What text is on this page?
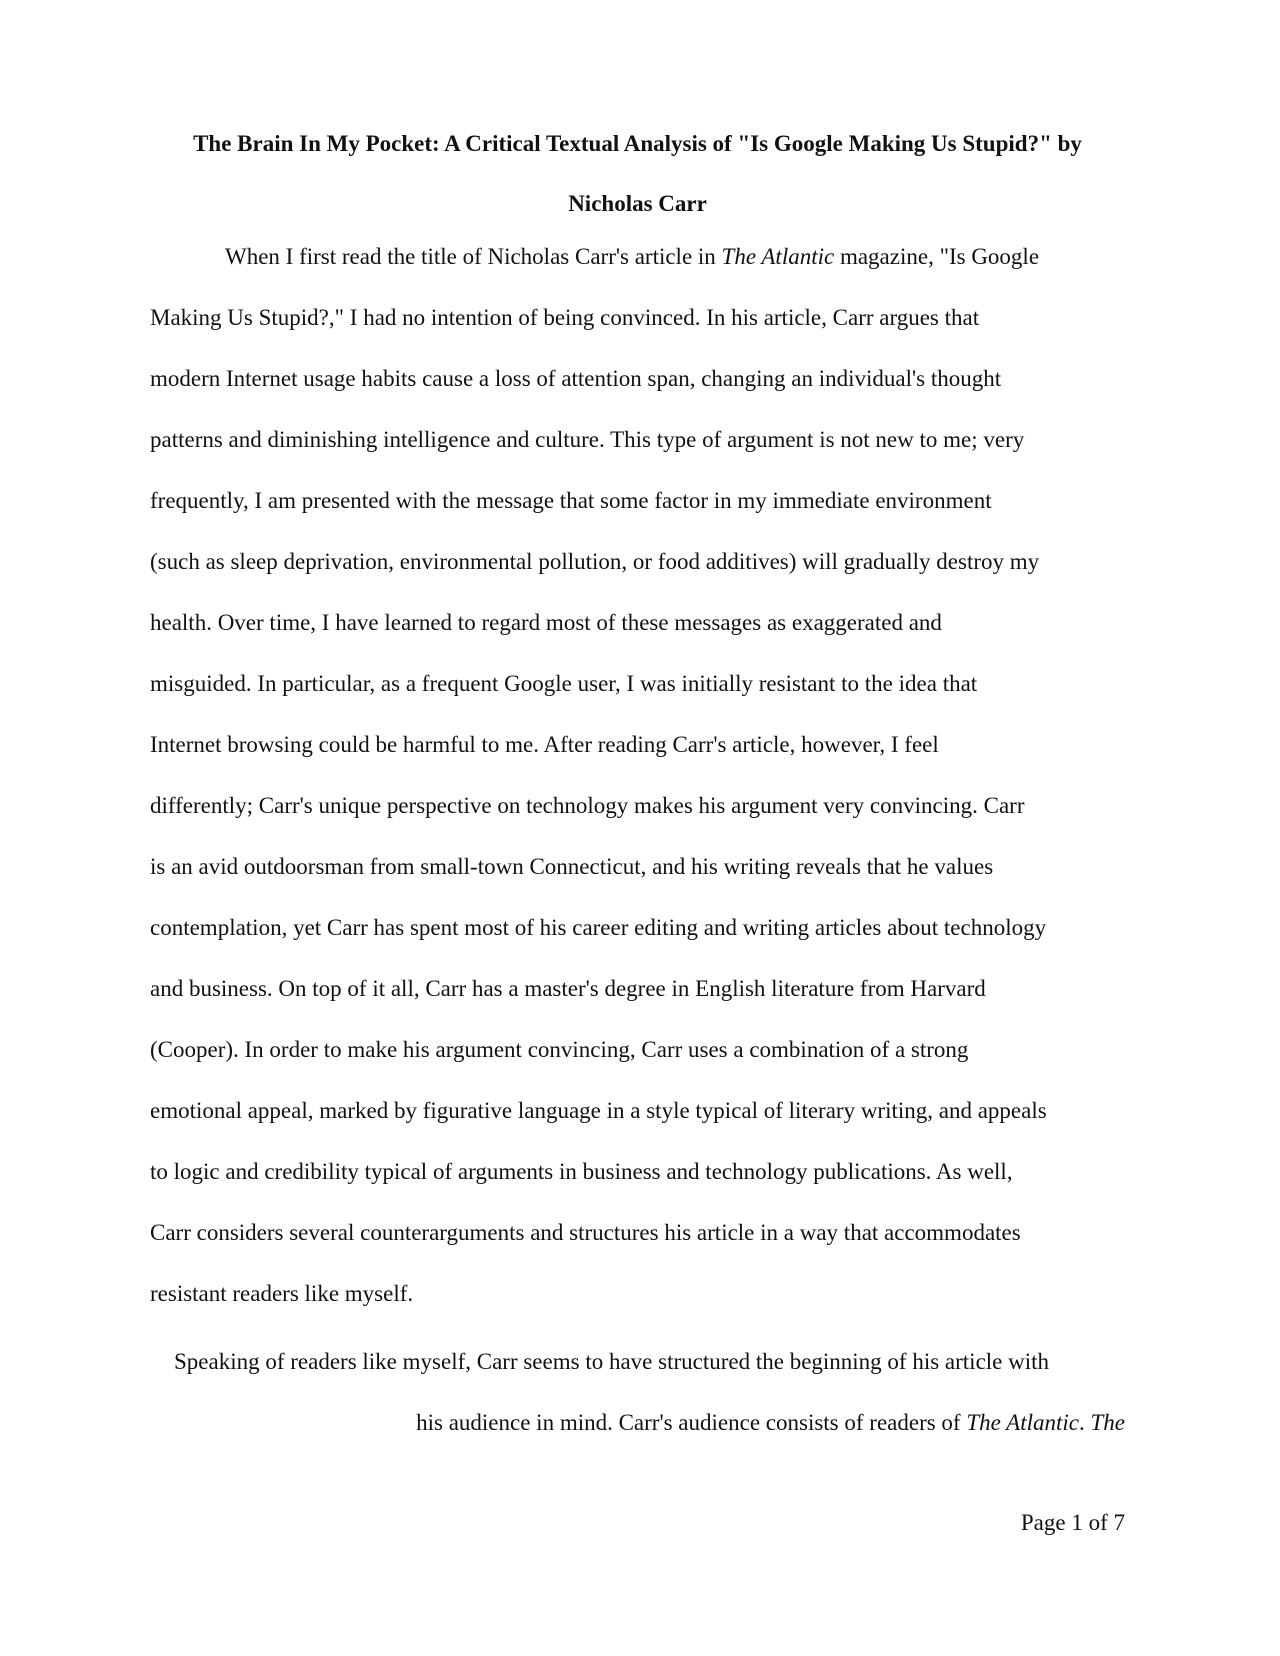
The Brain In My Pocket: A Critical Textual Analysis of "Is Google Making Us Stupid?" by
Nicholas Carr
When I first read the title of Nicholas Carr's article in The Atlantic magazine, "Is Google
Making Us Stupid?," I had no intention of being convinced. In his article, Carr argues that
modern Internet usage habits cause a loss of attention span, changing an individual's thought
patterns and diminishing intelligence and culture. This type of argument is not new to me; very
frequently, I am presented with the message that some factor in my immediate environment
(such as sleep deprivation, environmental pollution, or food additives) will gradually destroy my
health. Over time, I have learned to regard most of these messages as exaggerated and
misguided. In particular, as a frequent Google user, I was initially resistant to the idea that
Internet browsing could be harmful to me. After reading Carr's article, however, I feel
differently; Carr's unique perspective on technology makes his argument very convincing. Carr
is an avid outdoorsman from small-town Connecticut, and his writing reveals that he values
contemplation, yet Carr has spent most of his career editing and writing articles about technology
and business. On top of it all, Carr has a master's degree in English literature from Harvard
(Cooper). In order to make his argument convincing, Carr uses a combination of a strong
emotional appeal, marked by figurative language in a style typical of literary writing, and appeals
to logic and credibility typical of arguments in business and technology publications. As well,
Carr considers several counterarguments and structures his article in a way that accommodates
resistant readers like myself.
Speaking of readers like myself, Carr seems to have structured the beginning of his article with
his audience in mind. Carr's audience consists of readers of The Atlantic. The
Page 1 of 7
